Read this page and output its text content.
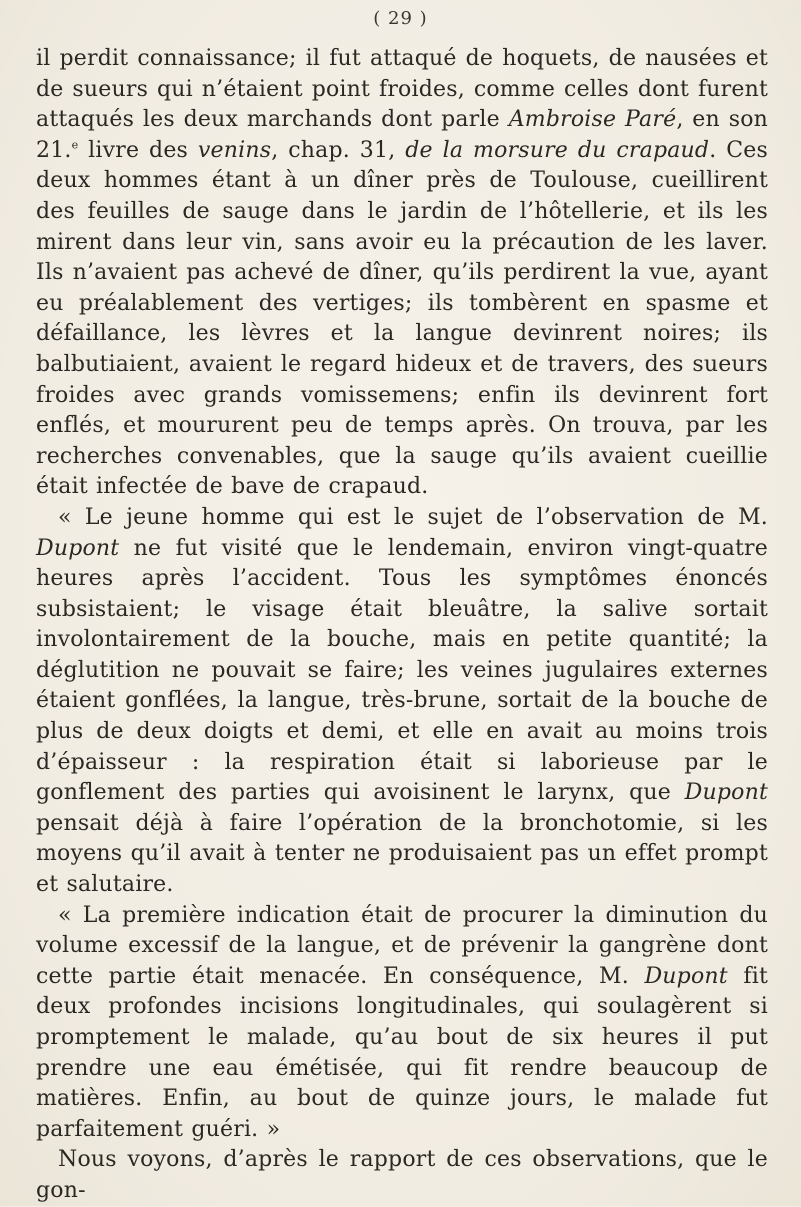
( 29 )

il perdit connaissance; il fut attaqué de hoquets, de nausées et de sueurs qui n’étaient point froides, comme celles dont furent attaqués les deux marchands dont parle Ambroise Paré, en son 21.$^e$ livre des venins, chap. 31, de la morsure du crapaud. Ces deux hommes étant à un dîner près de Toulouse, cueillirent des feuilles de sauge dans le jardin de l’hôtellerie, et ils les mirent dans leur vin, sans avoir eu la précaution de les laver. Ils n’avaient pas achevé de dîner, qu’ils perdirent la vue, ayant eu préalablement des vertiges; ils tombèrent en spasme et défaillance, les lèvres et la langue devinrent noires; ils balbutiaient, avaient le regard hideux et de travers, des sueurs froides avec grands vomissemens; enfin ils devinrent fort enflés, et moururent peu de temps après. On trouva, par les recherches convenables, que la sauge qu’ils avaient cueillie était infectée de bave de crapaud.

« Le jeune homme qui est le sujet de l’observation de M. Dupont ne fut visité que le lendemain, environ vingt-quatre heures après l’accident. Tous les symptômes énoncés subsistaient; le visage était bleuâtre, la salive sortait involontairement de la bouche, mais en petite quantité; la déglutition ne pouvait se faire; les veines jugulaires externes étaient gonflées, la langue, très-brune, sortait de la bouche de plus de deux doigts et demi, et elle en avait au moins trois d’épaisseur : la respiration était si laborieuse par le gonflement des parties qui avoisinent le larynx, que Dupont pensait déjà à faire l’opération de la bronchotomie, si les moyens qu’il avait à tenter ne produisaient pas un effet prompt et salutaire.

« La première indication était de procurer la diminution du volume excessif de la langue, et de prévenir la gangrène dont cette partie était menacée. En conséquence, M. Dupont fit deux profondes incisions longitudinales, qui soulagèrent si promptement le malade, qu’au bout de six heures il put prendre une eau émétisée, qui fit rendre beaucoup de matières. Enfin, au bout de quinze jours, le malade fut parfaitement guéri. »

Nous voyons, d’après le rapport de ces observations, que le gon-
